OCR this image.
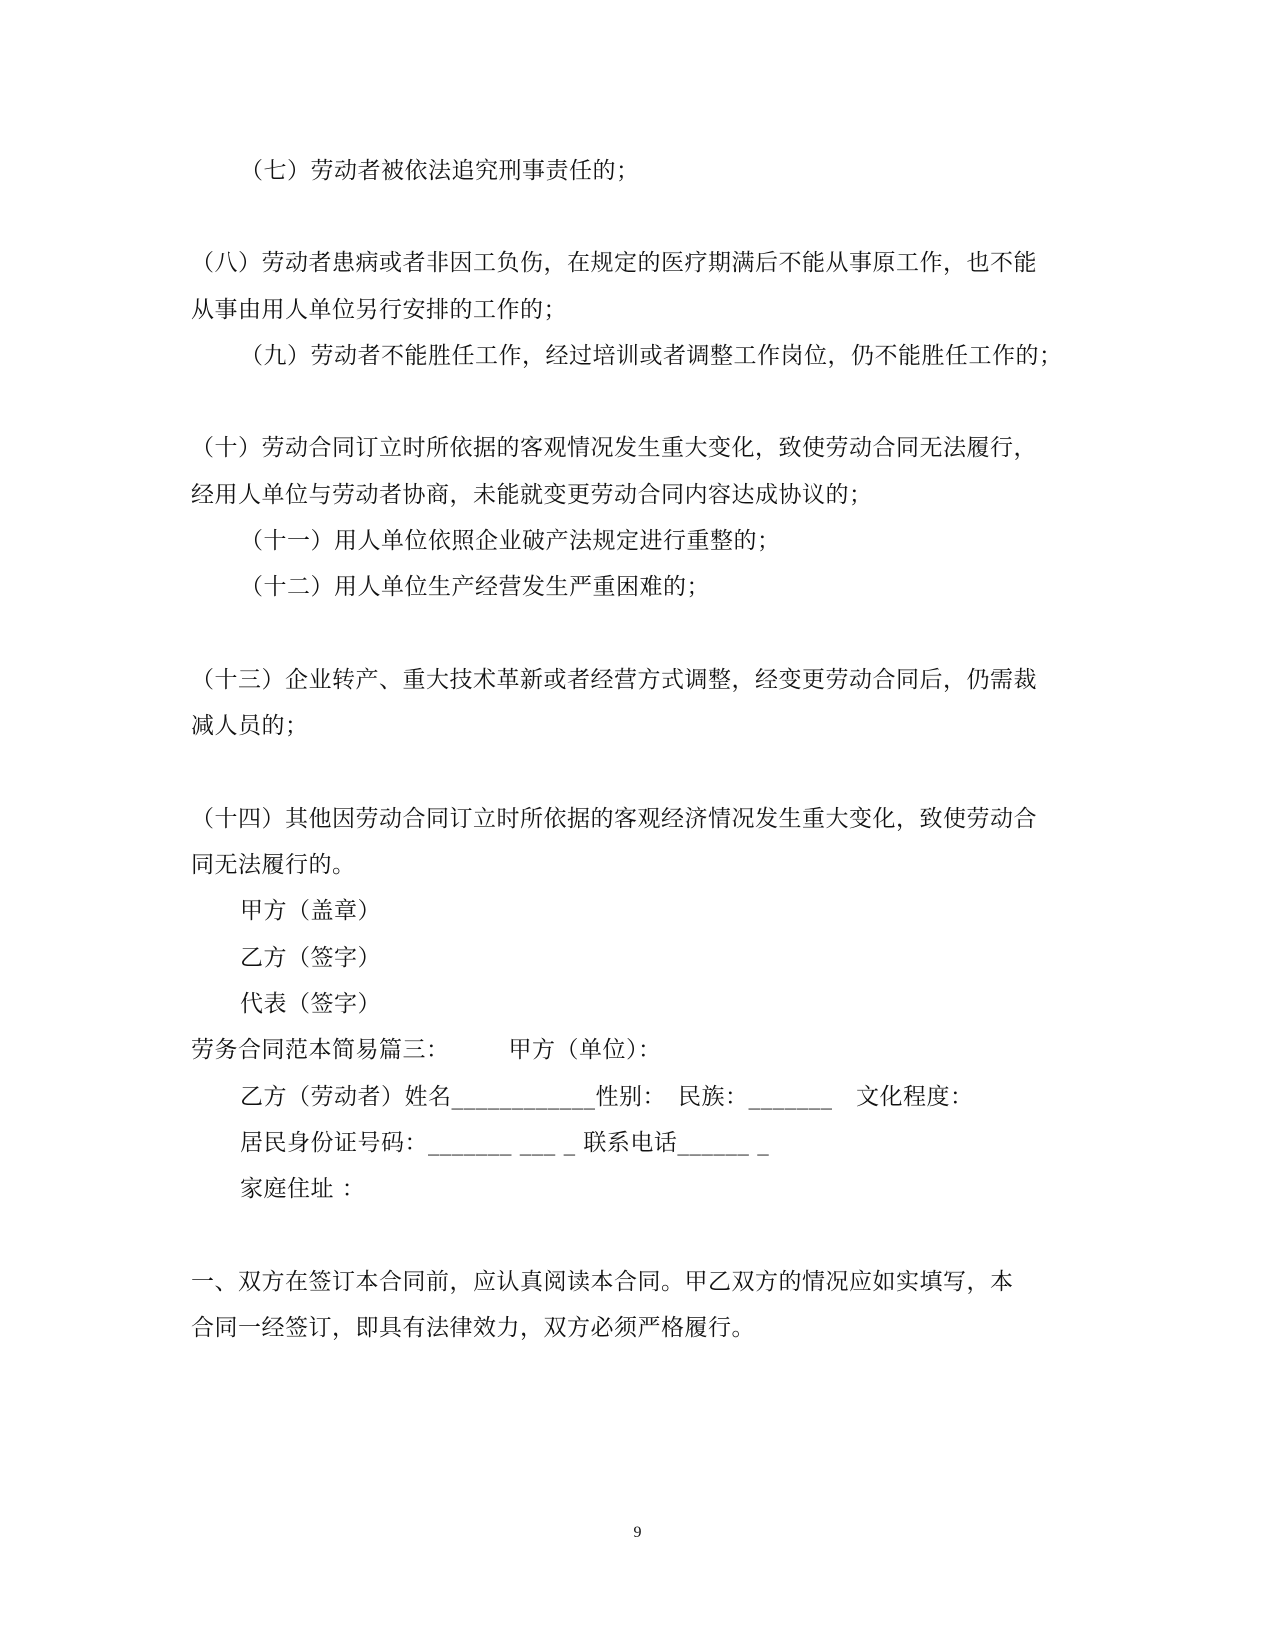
（七）劳动者被依法追究刑事责任的；
（八）劳动者患病或者非因工负伤，在规定的医疗期满后不能从事原工作，也不能
从事由用人单位另行安排的工作的；
（九）劳动者不能胜任工作，经过培训或者调整工作岗位，仍不能胜任工作的；
（十）劳动合同订立时所依据的客观情况发生重大变化，致使劳动合同无法履行，
经用人单位与劳动者协商，未能就变更劳动合同内容达成协议的；
（十一）用人单位依照企业破产法规定进行重整的；
（十二）用人单位生产经营发生严重困难的；
（十三）企业转产、重大技术革新或者经营方式调整，经变更劳动合同后，仍需裁
减人员的；
（十四）其他因劳动合同订立时所依据的客观经济情况发生重大变化，致使劳动合
同无法履行的。
甲方（盖章）
乙方（签字）
代表（签字）
劳务合同范本简易篇三：　　　甲方（单位）：
乙方（劳动者）姓名____________性别：　民族：_______　文化程度：
居民身份证号码：_______ ___ _ 联系电话______ _
家庭住址 ：
一、双方在签订本合同前，应认真阅读本合同。甲乙双方的情况应如实填写，本
合同一经签订，即具有法律效力，双方必须严格履行。
9
